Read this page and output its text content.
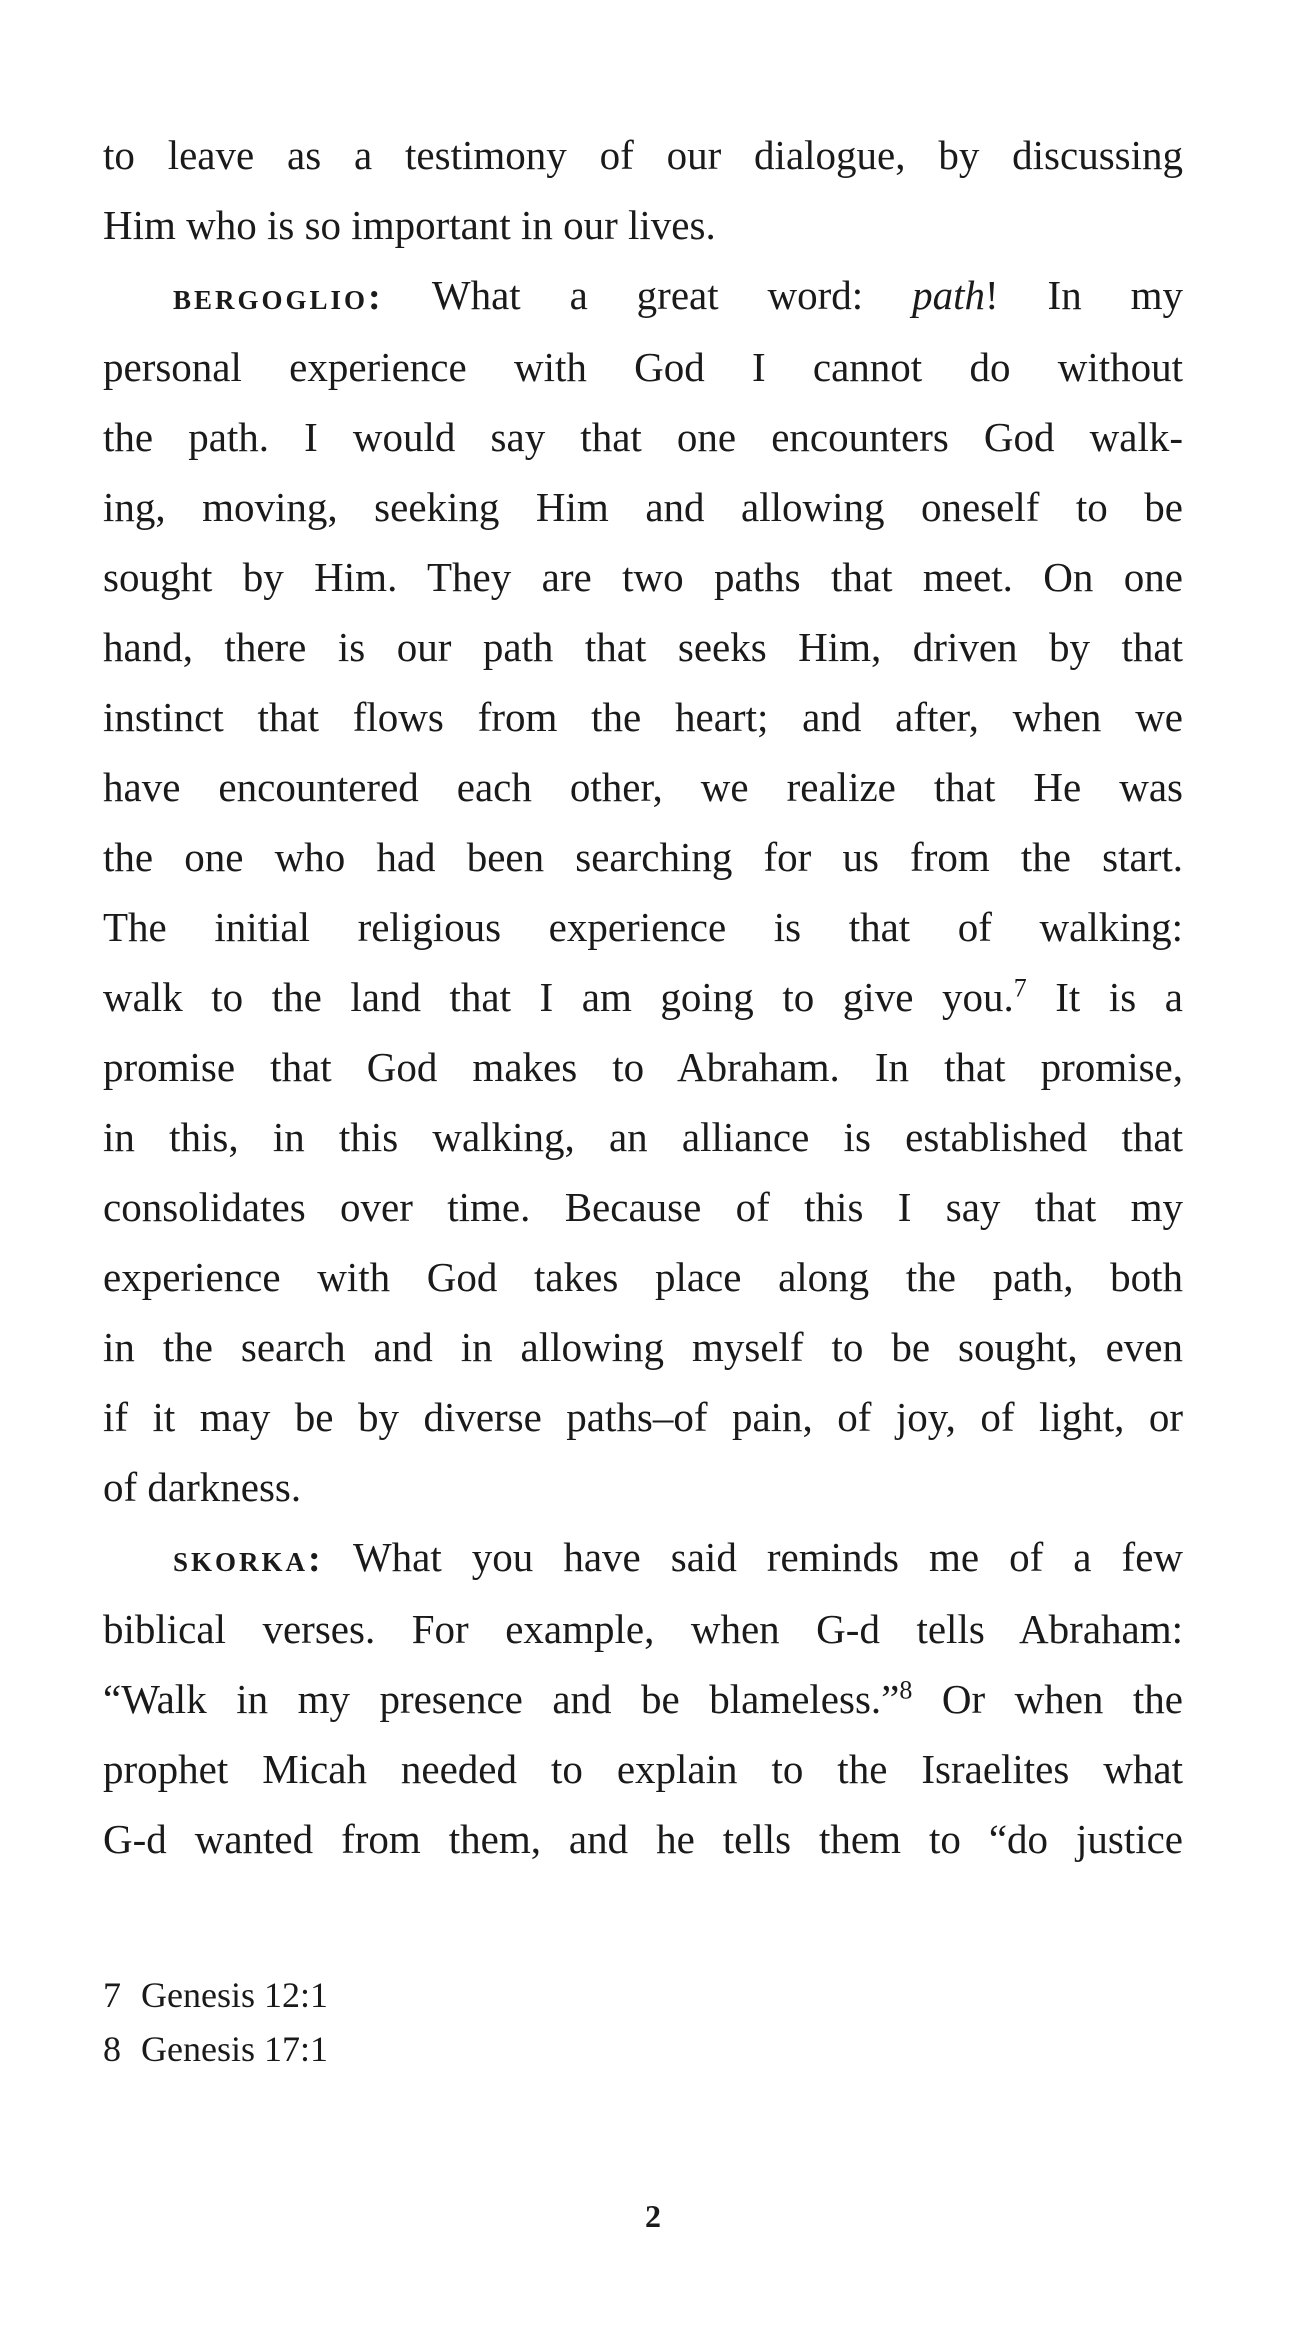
to leave as a testimony of our dialogue, by discussing
Him who is so important in our lives.
bergoglio: What a great word: path! In my
personal experience with God I cannot do without
the path. I would say that one encounters God walk-
ing, moving, seeking Him and allowing oneself to be
sought by Him. They are two paths that meet. On one
hand, there is our path that seeks Him, driven by that
instinct that flows from the heart; and after, when we
have encountered each other, we realize that He was
the one who had been searching for us from the start.
The initial religious experience is that of walking:
walk to the land that I am going to give you.$^7$ It is a
promise that God makes to Abraham. In that promise,
in this, in this walking, an alliance is established that
consolidates over time. Because of this I say that my
experience with God takes place along the path, both
in the search and in allowing myself to be sought, even
if it may be by diverse paths–of pain, of joy, of light, or
of darkness.
skorka: What you have said reminds me of a few
biblical verses. For example, when G-d tells Abraham:
“Walk in my presence and be blameless.”$^8$ Or when the
prophet Micah needed to explain to the Israelites what
G-d wanted from them, and he tells them to “do justice
7 Genesis 12:1
8 Genesis 17:1
2
